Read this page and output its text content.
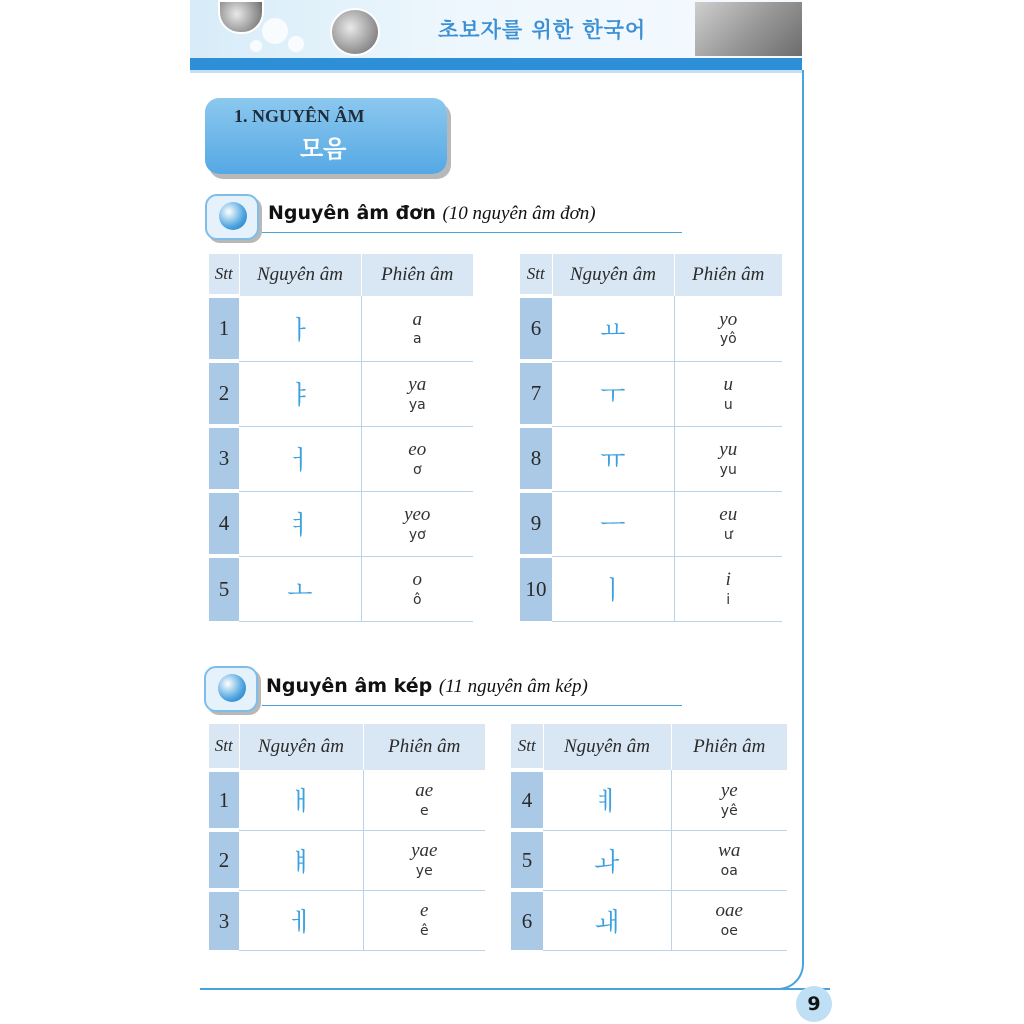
초보자를 위한 한국어
1. NGUYÊN ÂM
모음
Nguyên âm đơn (10 nguyên âm đơn)
Stt	Nguyên âm	Phiên âm
1	ㅏ	a
a

2	ㅑ	ya
ya

3	ㅓ	eo
ơ

4	ㅕ	yeo
yơ

5	ㅗ	o
ô
Stt	Nguyên âm	Phiên âm
6	ㅛ	yo
yô

7	ㅜ	u
u

8	ㅠ	yu
yu

9	ㅡ	eu
ư

10	ㅣ	i
i
Nguyên âm kép (11 nguyên âm kép)
Stt	Nguyên âm	Phiên âm
1	ㅐ	ae
e

2	ㅒ	yae
ye

3	ㅔ	e
ê
Stt	Nguyên âm	Phiên âm
4	ㅖ	ye
yê

5	ㅘ	wa
oa

6	ㅙ	oae
oe
9
